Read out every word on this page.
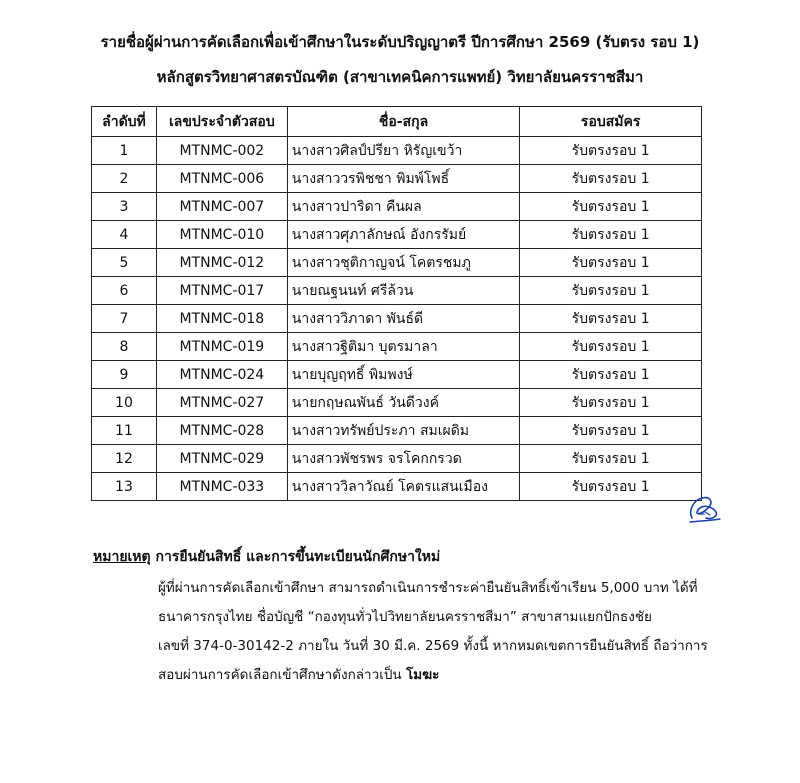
รายชื่อผู้ผ่านการคัดเลือกเพื่อเข้าศึกษาในระดับปริญญาตรี ปีการศึกษา 2569 (รับตรง รอบ 1)
หลักสูตรวิทยาศาสตรบัณฑิต (สาขาเทคนิคการแพทย์) วิทยาลัยนครราชสีมา
ลำดับที่	เลขประจำตัวสอบ	ชื่อ-สกุล	รอบสมัคร
1	MTNMC-002	นางสาวศิลป์ปรียา หิรัญเขว้า	รับตรงรอบ 1
2	MTNMC-006	นางสาววรพิชชา พิมพ์โพธิ์	รับตรงรอบ 1
3	MTNMC-007	นางสาวปาริดา คืนผล	รับตรงรอบ 1
4	MTNMC-010	นางสาวศุภาลักษณ์ อังกรรัมย์	รับตรงรอบ 1
5	MTNMC-012	นางสาวชุติกาญจน์ โคตรชมภู	รับตรงรอบ 1
6	MTNMC-017	นายณฐนนท์ ศรีล้วน	รับตรงรอบ 1
7	MTNMC-018	นางสาววิภาดา พันธ์ดี	รับตรงรอบ 1
8	MTNMC-019	นางสาวฐิติมา บุตรมาลา	รับตรงรอบ 1
9	MTNMC-024	นายบุญฤทธิ์ พิมพงษ์	รับตรงรอบ 1
10	MTNMC-027	นายกฤษณพันธ์ วันดีวงค์	รับตรงรอบ 1
11	MTNMC-028	นางสาวทรัพย์ประภา สมเผดิม	รับตรงรอบ 1
12	MTNMC-029	นางสาวพัชรพร จรโคกกรวด	รับตรงรอบ 1
13	MTNMC-033	นางสาววิลาวัณย์ โคตรแสนเมือง	รับตรงรอบ 1
หมายเหตุ การยืนยันสิทธิ์ และการขึ้นทะเบียนนักศึกษาใหม่
ผู้ที่ผ่านการคัดเลือกเข้าศึกษา สามารถดำเนินการชำระค่ายืนยันสิทธิ์เข้าเรียน 5,000 บาท ได้ที่
ธนาคารกรุงไทย ชื่อบัญชี “กองทุนทั่วไปวิทยาลัยนครราชสีมา” สาขาสามแยกปักธงชัย
เลขที่ 374-0-30142-2 ภายใน วันที่ 30 มี.ค. 2569 ทั้งนี้ หากหมดเขตการยืนยันสิทธิ์ ถือว่าการ
สอบผ่านการคัดเลือกเข้าศึกษาดังกล่าวเป็น โมฆะ
